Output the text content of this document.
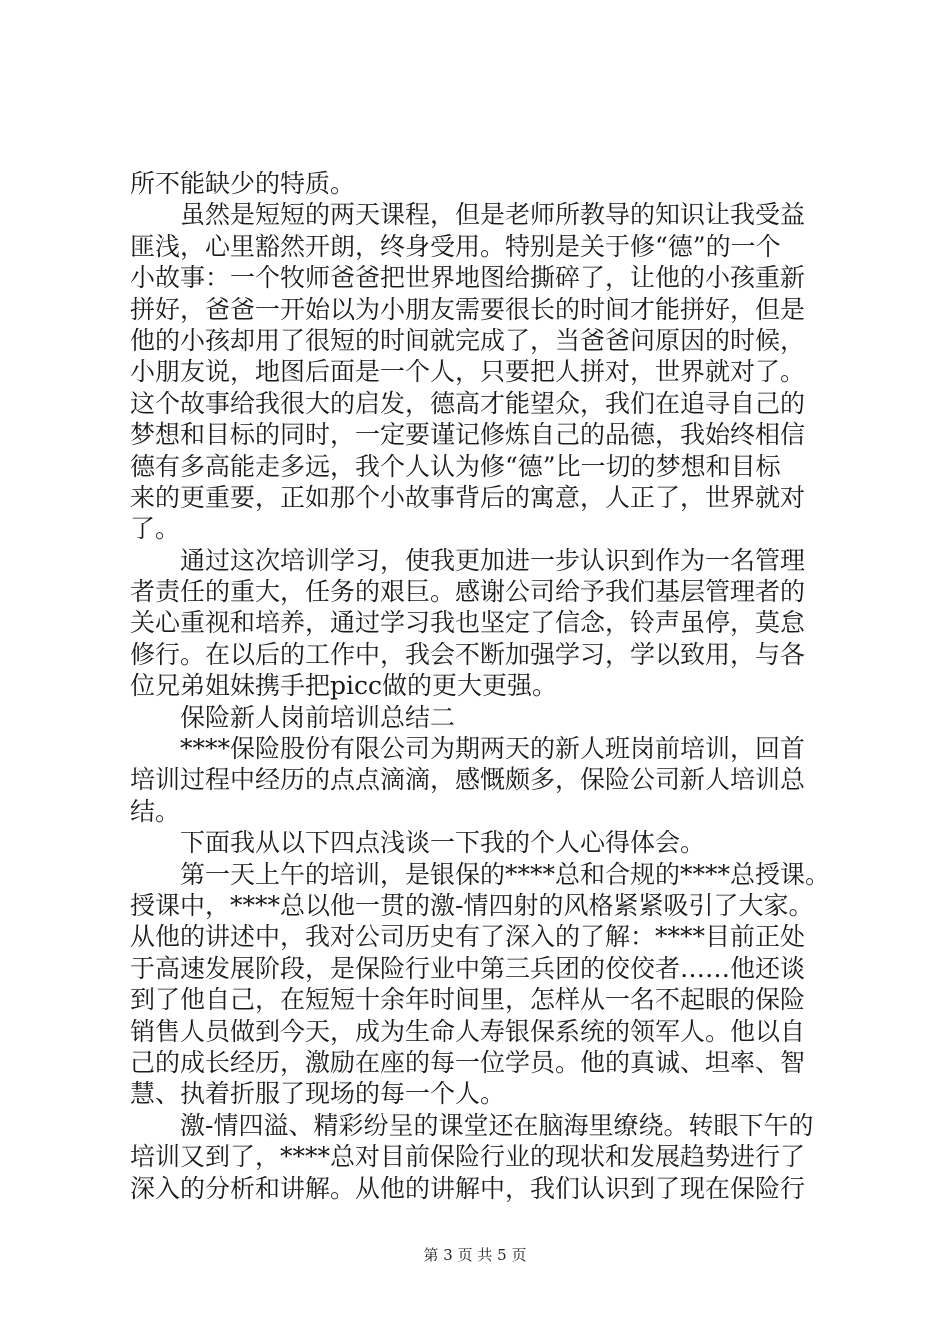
所不能缺少的特质。
虽然是短短的两天课程，但是老师所教导的知识让我受益
匪浅，心里豁然开朗，终身受用。特别是关于修“德”的一个
小故事：一个牧师爸爸把世界地图给撕碎了，让他的小孩重新
拼好，爸爸一开始以为小朋友需要很长的时间才能拼好，但是
他的小孩却用了很短的时间就完成了，当爸爸问原因的时候，
小朋友说，地图后面是一个人，只要把人拼对，世界就对了。
这个故事给我很大的启发，德高才能望众，我们在追寻自己的
梦想和目标的同时，一定要谨记修炼自己的品德，我始终相信
德有多高能走多远，我个人认为修“德”比一切的梦想和目标
来的更重要，正如那个小故事背后的寓意，人正了，世界就对
了。
通过这次培训学习，使我更加进一步认识到作为一名管理
者责任的重大，任务的艰巨。感谢公司给予我们基层管理者的
关心重视和培养，通过学习我也坚定了信念，铃声虽停，莫怠
修行。在以后的工作中，我会不断加强学习，学以致用，与各
位兄弟姐妹携手把picc做的更大更强。
保险新人岗前培训总结二
****保险股份有限公司为期两天的新人班岗前培训，回首
培训过程中经历的点点滴滴，感慨颇多，保险公司新人培训总
结。
下面我从以下四点浅谈一下我的个人心得体会。
第一天上午的培训，是银保的****总和合规的****总授课。
授课中，****总以他一贯的激-情四射的风格紧紧吸引了大家。
从他的讲述中，我对公司历史有了深入的了解：****目前正处
于高速发展阶段，是保险行业中第三兵团的佼佼者……他还谈
到了他自己，在短短十余年时间里，怎样从一名不起眼的保险
销售人员做到今天，成为生命人寿银保系统的领军人。他以自
己的成长经历，激励在座的每一位学员。他的真诚、坦率、智
慧、执着折服了现场的每一个人。
激-情四溢、精彩纷呈的课堂还在脑海里缭绕。转眼下午的
培训又到了，****总对目前保险行业的现状和发展趋势进行了
深入的分析和讲解。从他的讲解中，我们认识到了现在保险行
第 3 页 共 5 页
